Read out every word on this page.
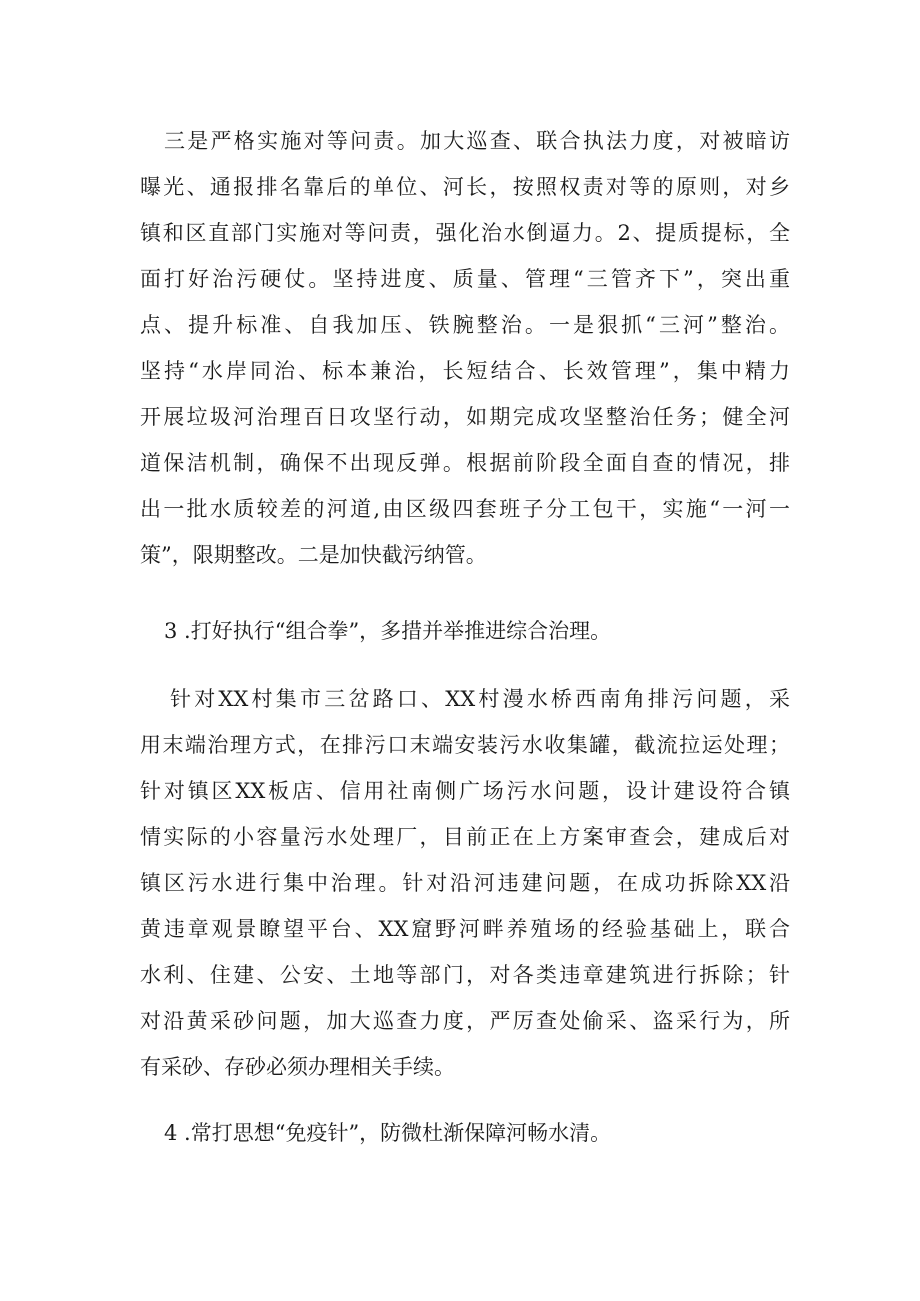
三是严格实施对等问责。加大巡查、联合执法力度，对被暗访
曝光、通报排名靠后的单位、河长，按照权责对等的原则，对乡
镇和区直部门实施对等问责，强化治水倒逼力。2、提质提标，全
面打好治污硬仗。坚持进度、质量、管理“三管齐下”，突出重
点、提升标准、自我加压、铁腕整治。一是狠抓“三河”整治。
坚持“水岸同治、标本兼治，长短结合、长效管理”，集中精力
开展垃圾河治理百日攻坚行动，如期完成攻坚整治任务；健全河
道保洁机制，确保不出现反弹。根据前阶段全面自查的情况，排
出一批水质较差的河道,由区级四套班子分工包干，实施“一河一
策”，限期整改。二是加快截污纳管。
3 .打好执行“组合拳”，多措并举推进综合治理。
针对XX村集市三岔路口、XX村漫水桥西南角排污问题，采
用末端治理方式，在排污口末端安装污水收集罐，截流拉运处理；
针对镇区XX板店、信用社南侧广场污水问题，设计建设符合镇
情实际的小容量污水处理厂，目前正在上方案审查会，建成后对
镇区污水进行集中治理。针对沿河违建问题，在成功拆除XX沿
黄违章观景瞭望平台、XX窟野河畔养殖场的经验基础上，联合
水利、住建、公安、土地等部门，对各类违章建筑进行拆除；针
对沿黄采砂问题，加大巡查力度，严厉查处偷采、盗采行为，所
有采砂、存砂必须办理相关手续。
4 .常打思想“免疫针”，防微杜渐保障河畅水清。
